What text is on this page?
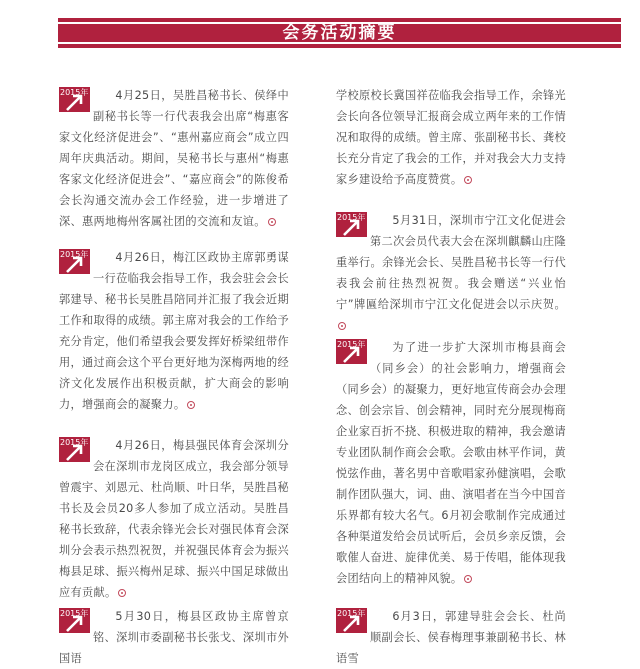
会务活动摘要
2015年	4月25日，吴胜昌秘书长、侯绎中副秘书长等一行代表我会出席“梅惠客家文化经济促进会”、“惠州嘉应商会”成立四周年庆典活动。期间，吴秘书长与惠州“梅惠客家文化经济促进会”、“嘉应商会”的陈俊希会长沟通交流办会工作经验，进一步增进了深、惠两地梅州客属社团的交流和友谊。

2015年	4月26日，梅江区政协主席郭勇谋一行莅临我会指导工作，我会驻会会长郭建导、秘书长吴胜昌陪同并汇报了我会近期工作和取得的成绩。郭主席对我会的工作给予充分肯定，他们希望我会要发挥好桥梁纽带作用，通过商会这个平台更好地为深梅两地的经济文化发展作出积极贡献，扩大商会的影响力，增强商会的凝聚力。

2015年	4月26日，梅县强民体育会深圳分会在深圳市龙岗区成立，我会部分领导曾震宇、刘恩元、杜尚顺、叶日华，吴胜昌秘书长及会员20多人参加了成立活动。吴胜昌秘书长致辞，代表余锋光会长对强民体育会深圳分会表示热烈祝贺，并祝强民体育会为振兴梅县足球、振兴梅州足球、振兴中国足球做出应有贡献。

2015年	5月30日，梅县区政协主席曾京铭、深圳市委副秘书长张戈、深圳市外国语

学校原校长冀国祥莅临我会指导工作，余锋光会长向各位领导汇报商会成立两年来的工作情况和取得的成绩。曾主席、张副秘书长、龚校长充分肯定了我会的工作，并对我会大力支持家乡建设给予高度赞赏。

2015年	5月31日，深圳市宁江文化促进会第二次会员代表大会在深圳麒麟山庄隆重举行。余锋光会长、吴胜昌秘书长等一行代表我会前往热烈祝贺。我会赠送“兴业怡宁”牌匾给深圳市宁江文化促进会以示庆贺。

2015年	为了进一步扩大深圳市梅县商会（同乡会）的社会影响力，增强商会（同乡会）的凝聚力，更好地宣传商会办会理念、创会宗旨、创会精神，同时充分展现梅商企业家百折不挠、积极进取的精神，我会邀请专业团队制作商会会歌。会歌由林平作词，黄悦弦作曲，著名男中音歌唱家孙健演唱，会歌制作团队强大，词、曲、演唱者在当今中国音乐界都有较大名气。6月初会歌制作完成通过各种渠道发给会员试听后，会员乡亲反馈，会歌催人奋进、旋律优美、易于传唱，能体现我会团结向上的精神风貌。

2015年	6月3日，郭建导驻会会长、杜尚顺副会长、侯春梅理事兼副秘书长、林语雪
